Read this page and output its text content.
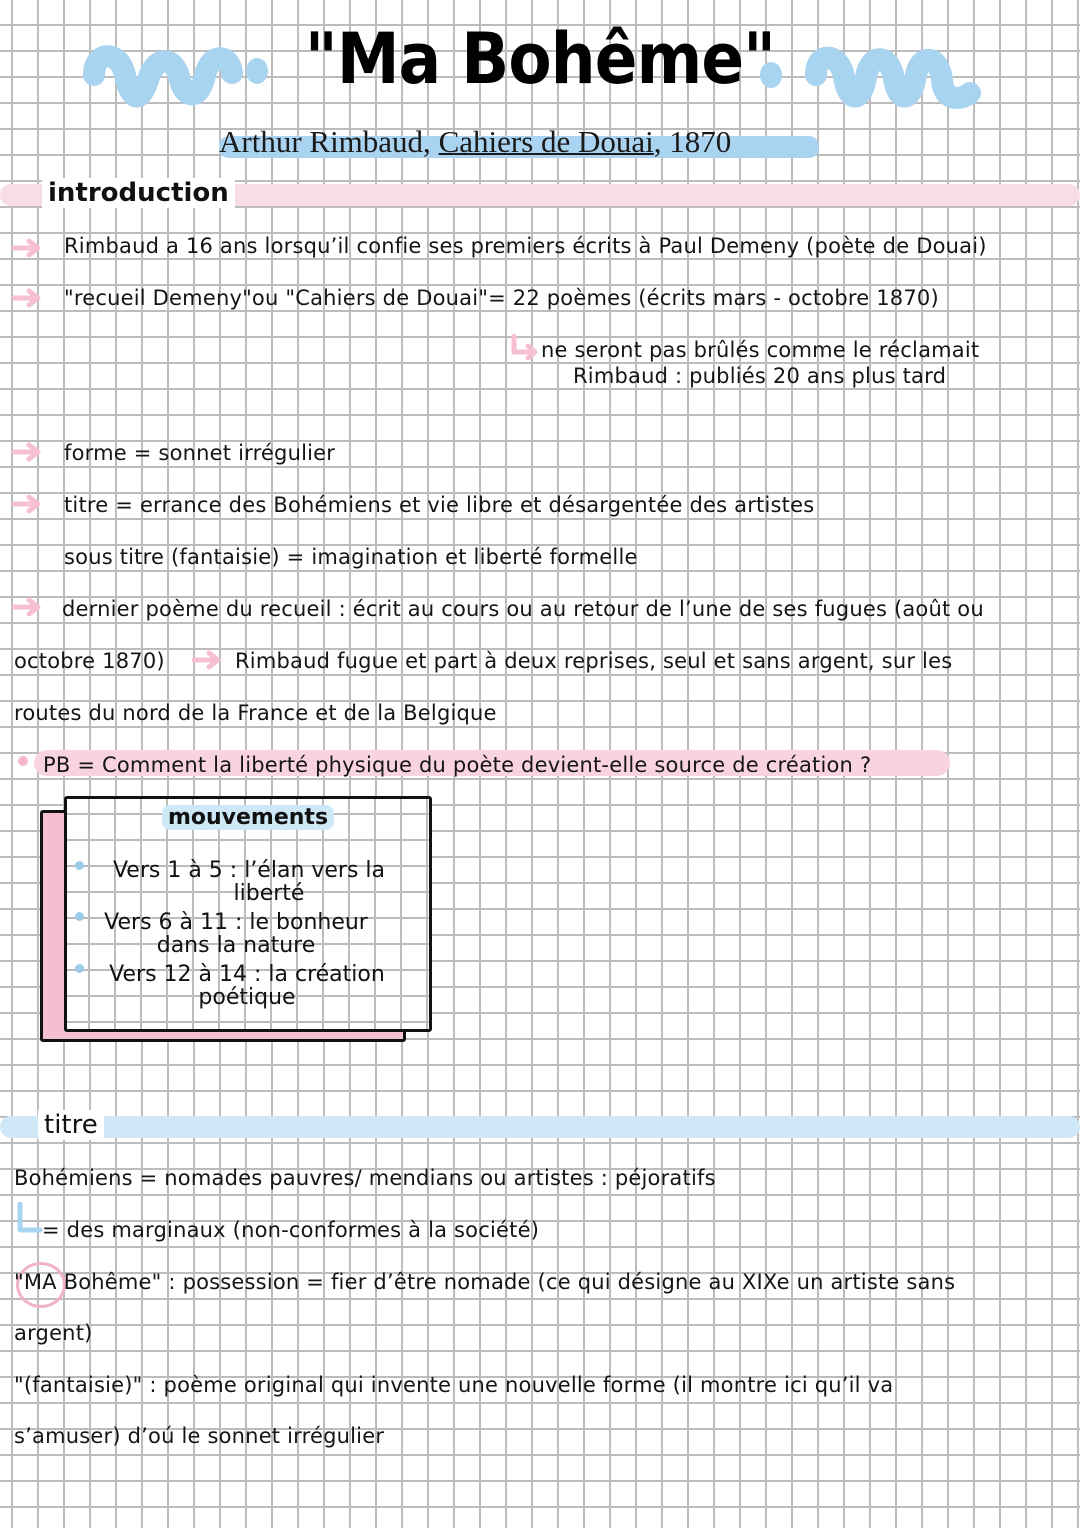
"Ma Bohême"
Arthur Rimbaud, Cahiers de Douai, 1870
introduction
Rimbaud a 16 ans lorsqu’il confie ses premiers écrits à Paul Demeny (poète de Douai)
"recueil Demeny"ou "Cahiers de Douai"= 22 poèmes (écrits mars - octobre 1870)
ne seront pas brûlés comme le réclamait
Rimbaud : publiés 20 ans plus tard
forme = sonnet irrégulier
titre = errance des Bohémiens et vie libre et désargentée des artistes
sous titre (fantaisie) = imagination et liberté formelle
dernier poème du recueil : écrit au cours ou au retour de l’une de ses fugues (août ou
octobre 1870)	Rimbaud fugue et part à deux reprises, seul et sans argent, sur les
routes du nord de la France et de la Belgique
PB = Comment la liberté physique du poète devient-elle source de création ?
mouvements
Vers 1 à 5 : l’élan vers la
liberté
Vers 6 à 11 : le bonheur
dans la nature
Vers 12 à 14 : la création
poétique
titre
Bohémiens = nomades pauvres/ mendians ou artistes : péjoratifs
= des marginaux (non-conformes à la société)
"MA Bohême" : possession = fier d’être nomade (ce qui désigne au XIXe un artiste sans
argent)
"(fantaisie)" : poème original qui invente une nouvelle forme (il montre ici qu’il va
s’amuser) d’oú le sonnet irrégulier
